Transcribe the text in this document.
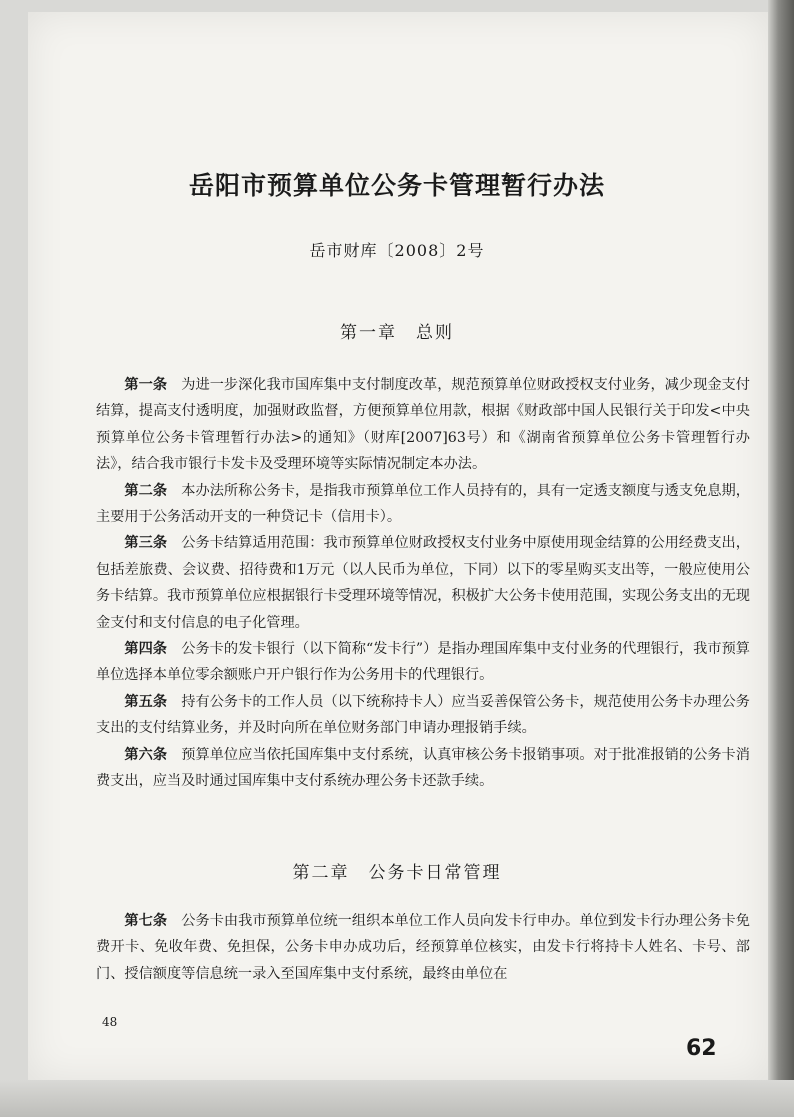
岳阳市预算单位公务卡管理暂行办法
岳市财库〔2008〕2号
第一章　总则

第一条　 为进一步深化我市国库集中支付制度改革，规范预算单位财政授权支付业务，减少现金支付结算，提高支付透明度，加强财政监督，方便预算单位用款，根据《财政部中国人民银行关于印发<中央预算单位公务卡管理暂行办法>的通知》（财库[2007]63号）和《湖南省预算单位公务卡管理暂行办法》，结合我市银行卡发卡及受理环境等实际情况制定本办法。

第二条　 本办法所称公务卡，是指我市预算单位工作人员持有的，具有一定透支额度与透支免息期，主要用于公务活动开支的一种贷记卡（信用卡）。

第三条　 公务卡结算适用范围：我市预算单位财政授权支付业务中原使用现金结算的公用经费支出，包括差旅费、会议费、招待费和1万元（以人民币为单位，下同）以下的零星购买支出等，一般应使用公务卡结算。我市预算单位应根据银行卡受理环境等情况，积极扩大公务卡使用范围，实现公务支出的无现金支付和支付信息的电子化管理。

第四条　 公务卡的发卡银行（以下简称“发卡行”）是指办理国库集中支付业务的代理银行，我市预算单位选择本单位零余额账户开户银行作为公务用卡的代理银行。

第五条　 持有公务卡的工作人员（以下统称持卡人）应当妥善保管公务卡，规范使用公务卡办理公务支出的支付结算业务，并及时向所在单位财务部门申请办理报销手续。

第六条　 预算单位应当依托国库集中支付系统，认真审核公务卡报销事项。对于批准报销的公务卡消费支出，应当及时通过国库集中支付系统办理公务卡还款手续。

第二章　公务卡日常管理

第七条　 公务卡由我市预算单位统一组织本单位工作人员向发卡行申办。单位到发卡行办理公务卡免费开卡、免收年费、免担保，公务卡申办成功后，经预算单位核实，由发卡行将持卡人姓名、卡号、部门、授信额度等信息统一录入至国库集中支付系统，最终由单位在

48
62
